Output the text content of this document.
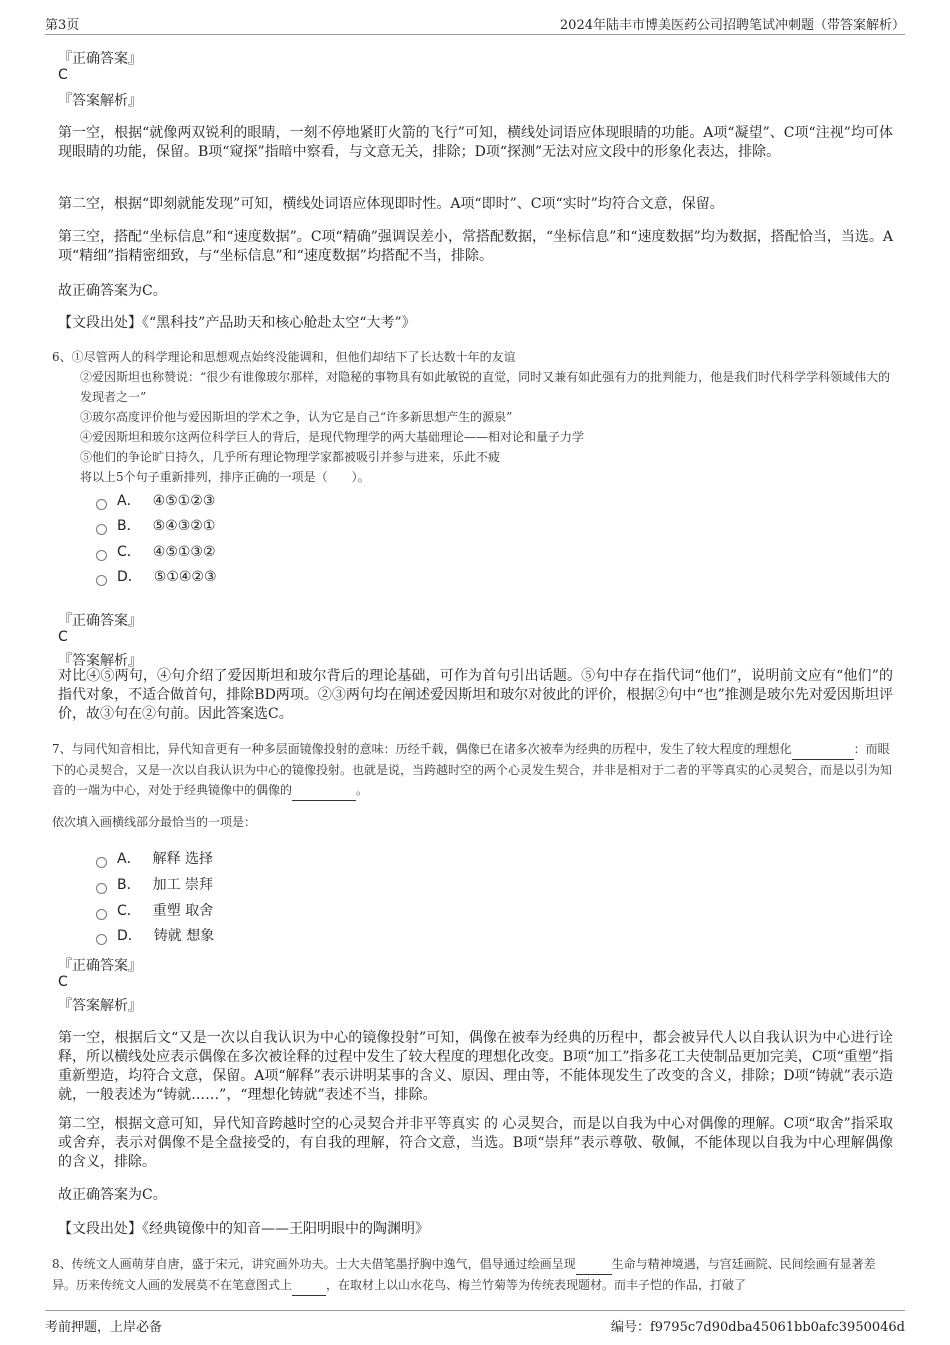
第3页	2024年陆丰市博美医药公司招聘笔试冲刺题（带答案解析）
『正确答案』
C
『答案解析』
第一空，根据“就像两双锐利的眼睛，一刻不停地紧盯火箭的飞行”可知，横线处词语应体现眼睛的功能。A项“凝望”、C项“注视”均可体现眼睛的功能，保留。B项“窥探”指暗中察看，与文意无关，排除；D项“探测”无法对应文段中的形象化表达，排除。
第二空，根据“即刻就能发现”可知，横线处词语应体现即时性。A项“即时”、C项“实时”均符合文意，保留。
第三空，搭配“坐标信息”和“速度数据”。C项“精确”强调误差小，常搭配数据，“坐标信息”和“速度数据”均为数据，搭配恰当，当选。A项“精细”指精密细致，与“坐标信息”和“速度数据”均搭配不当，排除。
故正确答案为C。
【文段出处】《“黑科技”产品助天和核心舱赴太空“大考”》
6、①尽管两人的科学理论和思想观点始终没能调和，但他们却结下了长达数十年的友谊
②爱因斯坦也称赞说：“很少有谁像玻尔那样，对隐秘的事物具有如此敏锐的直觉，同时又兼有如此强有力的批判能力，他是我们时代科学学科领域伟大的发现者之一”
③玻尔高度评价他与爱因斯坦的学术之争，认为它是自己“许多新思想产生的源泉”
④爱因斯坦和玻尔这两位科学巨人的背后，是现代物理学的两大基础理论——相对论和量子力学
⑤他们的争论旷日持久，几乎所有理论物理学家都被吸引并参与进来，乐此不疲
将以上5个句子重新排列，排序正确的一项是（　　）。
A． ④⑤①②③
B． ⑤④③②①
C． ④⑤①③②
D． ⑤①④②③
『正确答案』
C
『答案解析』
对比④⑤两句，④句介绍了爱因斯坦和玻尔背后的理论基础，可作为首句引出话题。⑤句中存在指代词“他们”，说明前文应有“他们”的指代对象，不适合做首句，排除BD两项。②③两句均在阐述爱因斯坦和玻尔对彼此的评价，根据②句中“也”推测是玻尔先对爱因斯坦评价，故③句在②句前。因此答案选C。
7、与同代知音相比，异代知音更有一种多层面镜像投射的意味：历经千载，偶像已在诸多次被奉为经典的历程中，发生了较大程度的理想化	：而眼下的心灵契合，又是一次以自我认识为中心的镜像投射。也就是说，当跨越时空的两个心灵发生契合，并非是相对于二者的平等真实的心灵契合，而是以引为知音的一端为中心，对处于经典镜像中的偶像的	。
依次填入画横线部分最恰当的一项是：
A． 解释 选择
B． 加工 崇拜
C． 重塑 取舍
D． 铸就 想象
『正确答案』
C
『答案解析』
第一空，根据后文“又是一次以自我认识为中心的镜像投射”可知，偶像在被奉为经典的历程中，都会被异代人以自我认识为中心进行诠释，所以横线处应表示偶像在多次被诠释的过程中发生了较大程度的理想化改变。B项“加工”指多花工夫使制品更加完美，C项“重塑”指重新塑造，均符合文意，保留。A项“解释”表示讲明某事的含义、原因、理由等，不能体现发生了改变的含义，排除；D项“铸就”表示造就，一般表述为“铸就……”，“理想化铸就”表述不当，排除。
第二空，根据文意可知，异代知音跨越时空的心灵契合并非平等真实 的 心灵契合，而是以自我为中心对偶像的理解。C项“取舍”指采取或舍弃，表示对偶像不是全盘接受的，有自我的理解，符合文意，当选。B项“崇拜”表示尊敬、敬佩，不能体现以自我为中心理解偶像的含义，排除。
故正确答案为C。
【文段出处】《经典镜像中的知音——王阳明眼中的陶渊明》
8、传统文人画萌芽自唐，盛于宋元，讲究画外功夫。士大夫借笔墨抒胸中逸气，倡导通过绘画呈现	生命与精神境遇，与宫廷画院、民间绘画有显著差异。历来传统文人画的发展莫不在笔意图式上	，在取材上以山水花鸟、梅兰竹菊等为传统表现题材。而丰子恺的作品，打破了
考前押题，上岸必备	编号：f9795c7d90dba45061bb0afc3950046d
